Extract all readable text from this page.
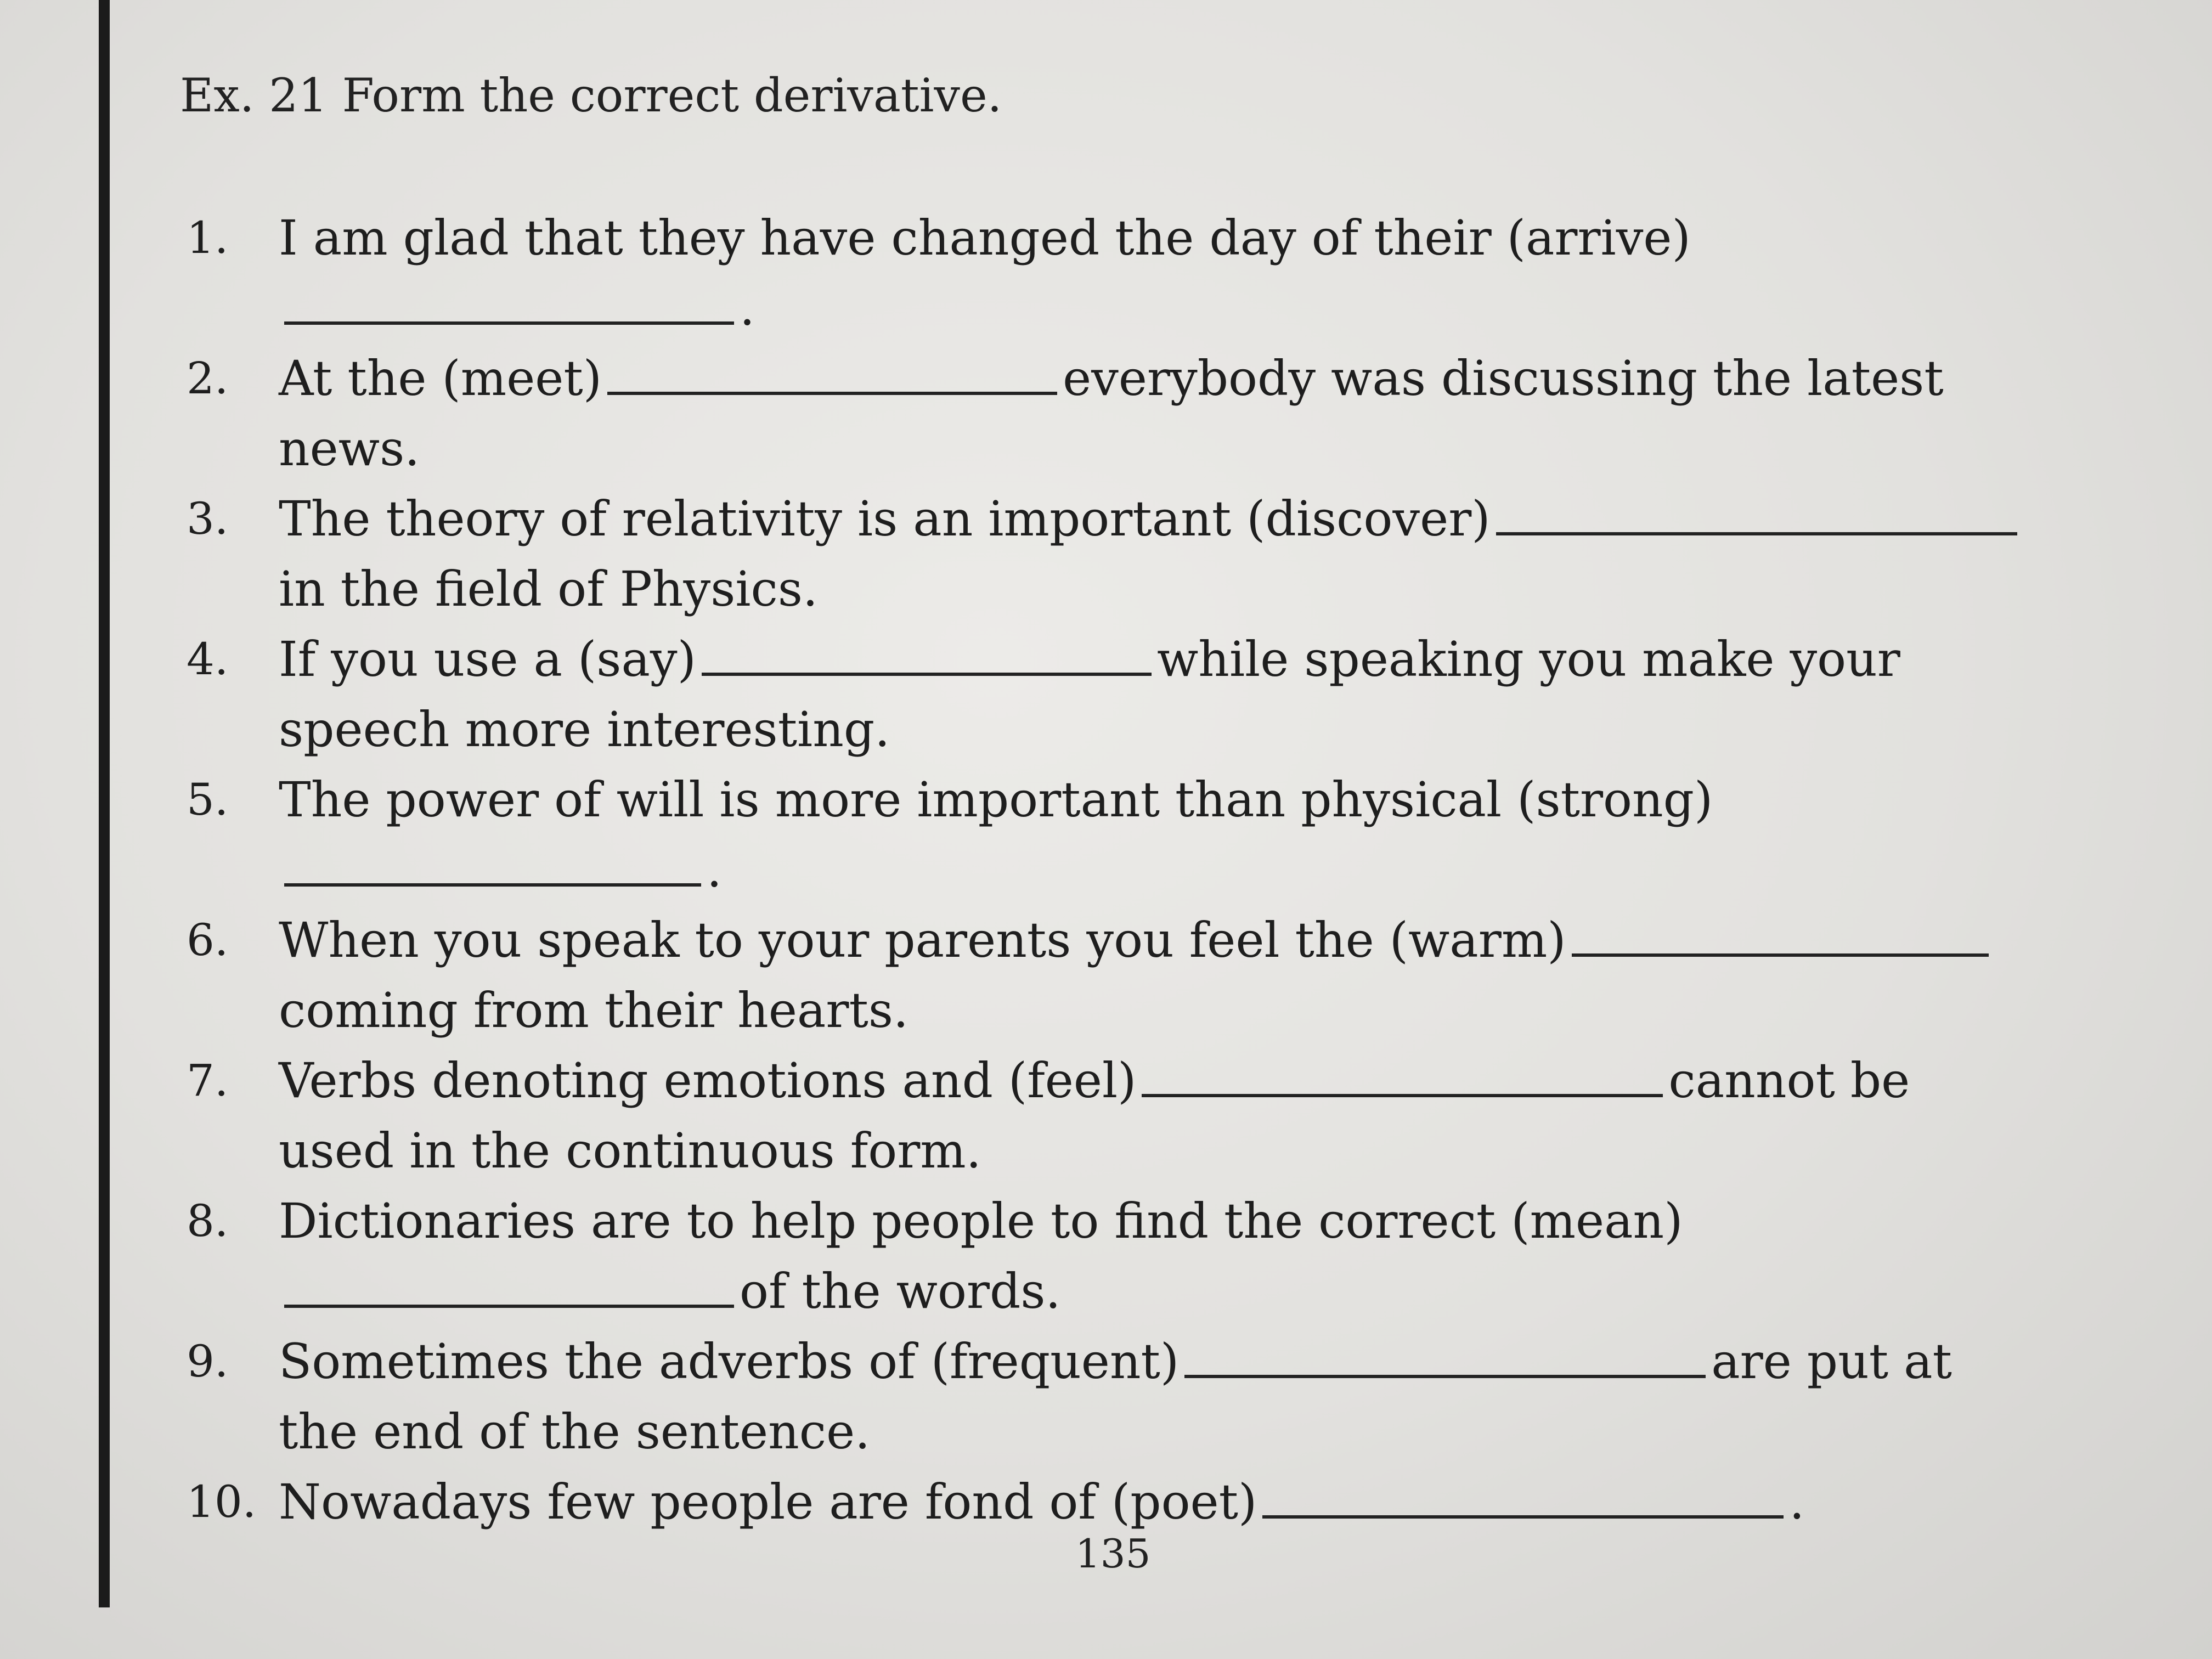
Ex. 21 Form the correct derivative.
1. I am glad that they have changed the day of their (arrive).
2. At the (meet)	everybody was discussing the latest news.
3. The theory of relativity is an important (discover)in the field of Physics.
4. If you use a (say)	while speaking you make your speech more interesting.
5. The power of will is more important than physical (strong).
6. When you speak to your parents you feel the (warm)coming from their hearts.
7. Verbs denoting emotions and (feel)	cannot be used in the continuous form.
8. Dictionaries are to help people to find the correct (mean)of the words.
9. Sometimes the adverbs of (frequent)	are put at the end of the sentence.
10. Nowadays few people are fond of (poet)	.
135
